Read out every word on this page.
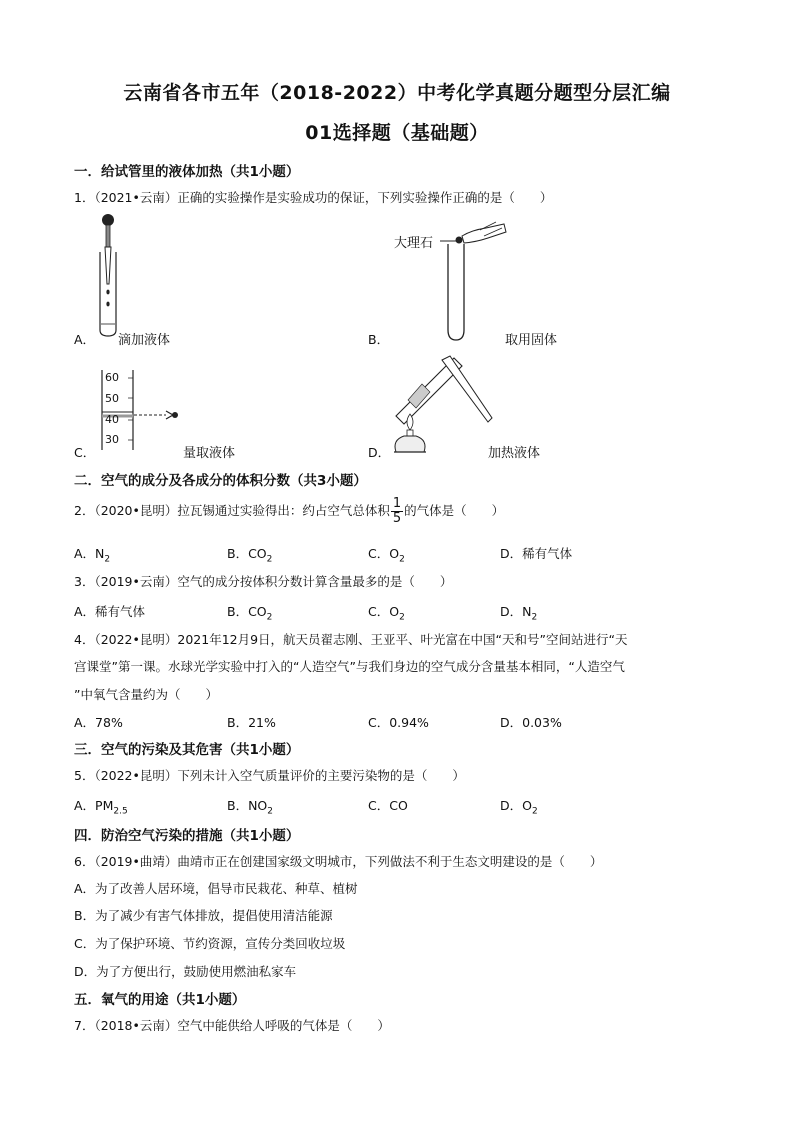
云南省各市五年（2018-2022）中考化学真题分题型分层汇编
01选择题（基础题）
一．给试管里的液体加热（共1小题）
1．（2021•云南）正确的实验操作是实验成功的保证，下列实验操作正确的是（　　）
A． 滴加液体
大理石
B．	取用固体
60
50
40
30
C．	量取液体	D．	加热液体
二．空气的成分及各成分的体积分数（共3小题）
2．（2020•昆明）拉瓦锡通过实验得出：约占空气总体积 $\frac{1}{5}$ 的气体是（　　）
A．$N_2$	B．$CO_2$	C．$O_2$	D．稀有气体
3．（2019•云南）空气的成分按体积分数计算含量最多的是（　　）
A．稀有气体	B．$CO_2$	C．$O_2$	D．$N_2$
4．（2022•昆明）2021年12月9日，航天员翟志刚、王亚平、叶光富在中国“天和号”空间站进行“天
宫课堂”第一课。水球光学实验中打入的“人造空气”与我们身边的空气成分含量基本相同，“人造空气
”中氧气含量约为（　　）
A．78%	B．21%	C．0.94%	D．0.03%
三．空气的污染及其危害（共1小题）
5．（2022•昆明）下列未计入空气质量评价的主要污染物的是（　　）
A．$PM_{2.5}$	B．$NO_2$	C．CO	D．$O_2$
四．防治空气污染的措施（共1小题）
6．（2019•曲靖）曲靖市正在创建国家级文明城市，下列做法不利于生态文明建设的是（　　）
A．为了改善人居环境，倡导市民栽花、种草、植树
B．为了减少有害气体排放，提倡使用清洁能源
C．为了保护环境、节约资源，宣传分类回收垃圾
D．为了方便出行，鼓励使用燃油私家车
五．氧气的用途（共1小题）
7．（2018•云南）空气中能供给人呼吸的气体是（　　）
